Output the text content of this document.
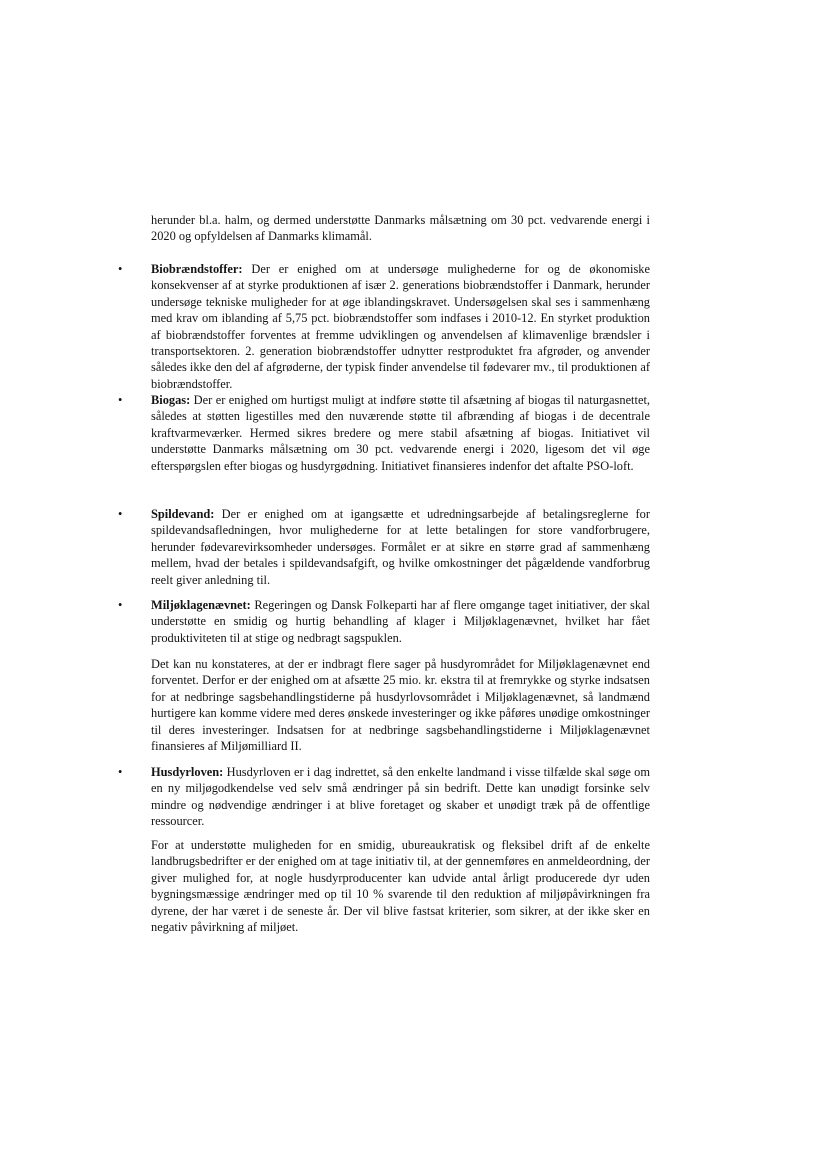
herunder bl.a. halm, og dermed understøtte Danmarks målsætning om 30 pct. vedvarende energi i 2020 og opfyldelsen af Danmarks klimamål.

• Biobrændstoffer: Der er enighed om at undersøge mulighederne for og de økonomiske konsekvenser af at styrke produktionen af især 2. generations biobrændstoffer i Danmark, herunder undersøge tekniske muligheder for at øge iblandingskravet. Undersøgelsen skal ses i sammenhæng med krav om iblanding af 5,75 pct. biobrændstoffer som indfases i 2010-12. En styrket produktion af biobrændstoffer forventes at fremme udviklingen og anvendelsen af klimavenlige brændsler i transportsektoren. 2. generation biobrændstoffer udnytter restproduktet fra afgrøder, og anvender således ikke den del af afgrøderne, der typisk finder anvendelse til fødevarer mv., til produktionen af biobrændstoffer.

• Biogas: Der er enighed om hurtigst muligt at indføre støtte til afsætning af biogas til naturgasnettet, således at støtten ligestilles med den nuværende støtte til afbrænding af biogas i de decentrale kraftvarmeværker. Hermed sikres bredere og mere stabil afsætning af biogas. Initiativet vil understøtte Danmarks målsætning om 30 pct. vedvarende energi i 2020, ligesom det vil øge efterspørgslen efter biogas og husdyrgødning. Initiativet finansieres indenfor det aftalte PSO-loft.

• Spildevand: Der er enighed om at igangsætte et udredningsarbejde af betalingsreglerne for spildevandsafledningen, hvor mulighederne for at lette betalingen for store vandforbrugere, herunder fødevarevirksomheder undersøges. Formålet er at sikre en større grad af sammenhæng mellem, hvad der betales i spildevandsafgift, og hvilke omkostninger det pågældende vandforbrug reelt giver anledning til.

• Miljøklagenævnet: Regeringen og Dansk Folkeparti har af flere omgange taget initiativer, der skal understøtte en smidig og hurtig behandling af klager i Miljøklagenævnet, hvilket har fået produktiviteten til at stige og nedbragt sagspuklen.

Det kan nu konstateres, at der er indbragt flere sager på husdyrområdet for Miljøklagenævnet end forventet. Derfor er der enighed om at afsætte 25 mio. kr. ekstra til at fremrykke og styrke indsatsen for at nedbringe sagsbehandlingstiderne på husdyrlovsområdet i Miljøklagenævnet, så landmænd hurtigere kan komme videre med deres ønskede investeringer og ikke påføres unødige omkostninger til deres investeringer. Indsatsen for at nedbringe sagsbehandlingstiderne i Miljøklagenævnet finansieres af Miljømilliard II.

• Husdyrloven: Husdyrloven er i dag indrettet, så den enkelte landmand i visse tilfælde skal søge om en ny miljøgodkendelse ved selv små ændringer på sin bedrift. Dette kan unødigt forsinke selv mindre og nødvendige ændringer i at blive foretaget og skaber et unødigt træk på de offentlige ressourcer.

For at understøtte muligheden for en smidig, ubureaukratisk og fleksibel drift af de enkelte landbrugsbedrifter er der enighed om at tage initiativ til, at der gennemføres en anmeldeordning, der giver mulighed for, at nogle husdyrproducenter kan udvide antal årligt producerede dyr uden bygningsmæssige ændringer med op til 10 % svarende til den reduktion af miljøpåvirkningen fra dyrene, der har været i de seneste år. Der vil blive fastsat kriterier, som sikrer, at der ikke sker en negativ påvirkning af miljøet.
